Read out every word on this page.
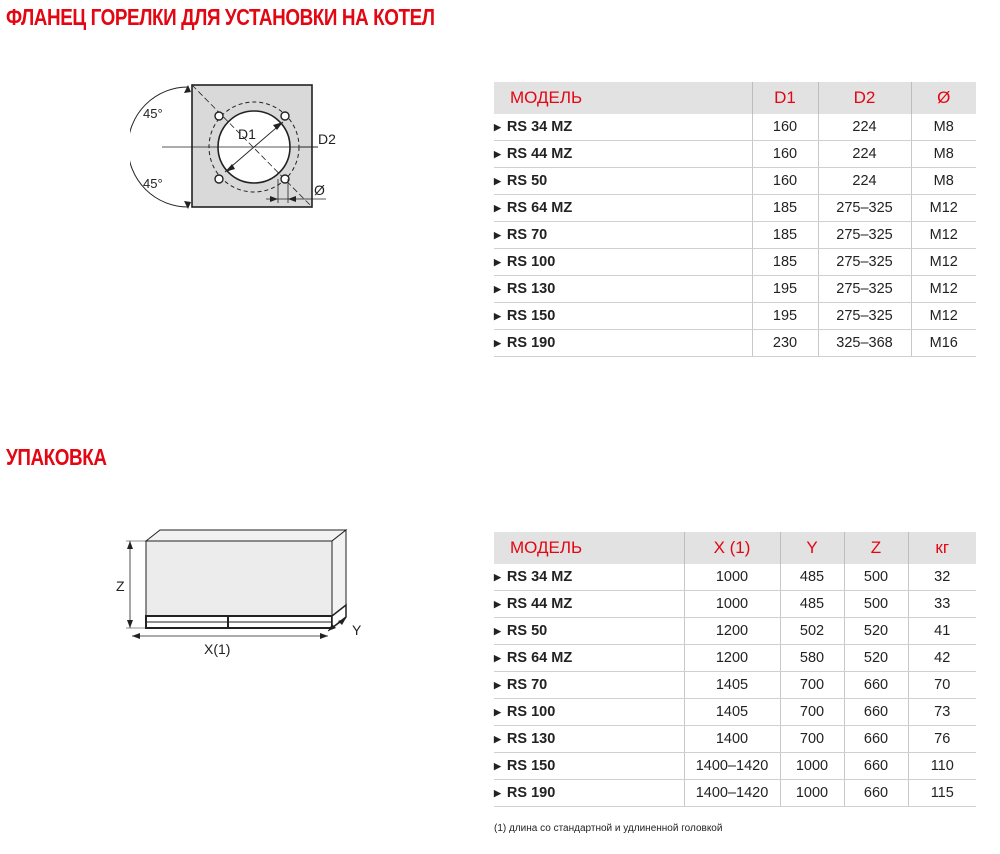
ФЛАНЕЦ ГОРЕЛКИ ДЛЯ УСТАНОВКИ НА КОТЕЛ
45°
45°
D1	D2
Ø
МОДЕЛЬ	D1	D2	Ø
▶ RS 34 MZ	160	224	M8
▶ RS 44 MZ	160	224	M8
▶ RS 50	160	224	M8
▶ RS 64 MZ	185	275–325	M12
▶ RS 70	185	275–325	M12
▶ RS 100	185	275–325	M12
▶ RS 130	195	275–325	M12
▶ RS 150	195	275–325	M12
▶ RS 190	230	325–368	M16
УПАКОВКА
Z
X(1)
Y
МОДЕЛЬ	X (1)	Y	Z	кг
▶ RS 34 MZ	1000	485	500	32
▶ RS 44 MZ	1000	485	500	33
▶ RS 50	1200	502	520	41
▶ RS 64 MZ	1200	580	520	42
▶ RS 70	1405	700	660	70
▶ RS 100	1405	700	660	73
▶ RS 130	1400	700	660	76
▶ RS 150	1400–1420	1000	660	110
▶ RS 190	1400–1420	1000	660	115

(1) длина со стандартной и удлиненной головкой
